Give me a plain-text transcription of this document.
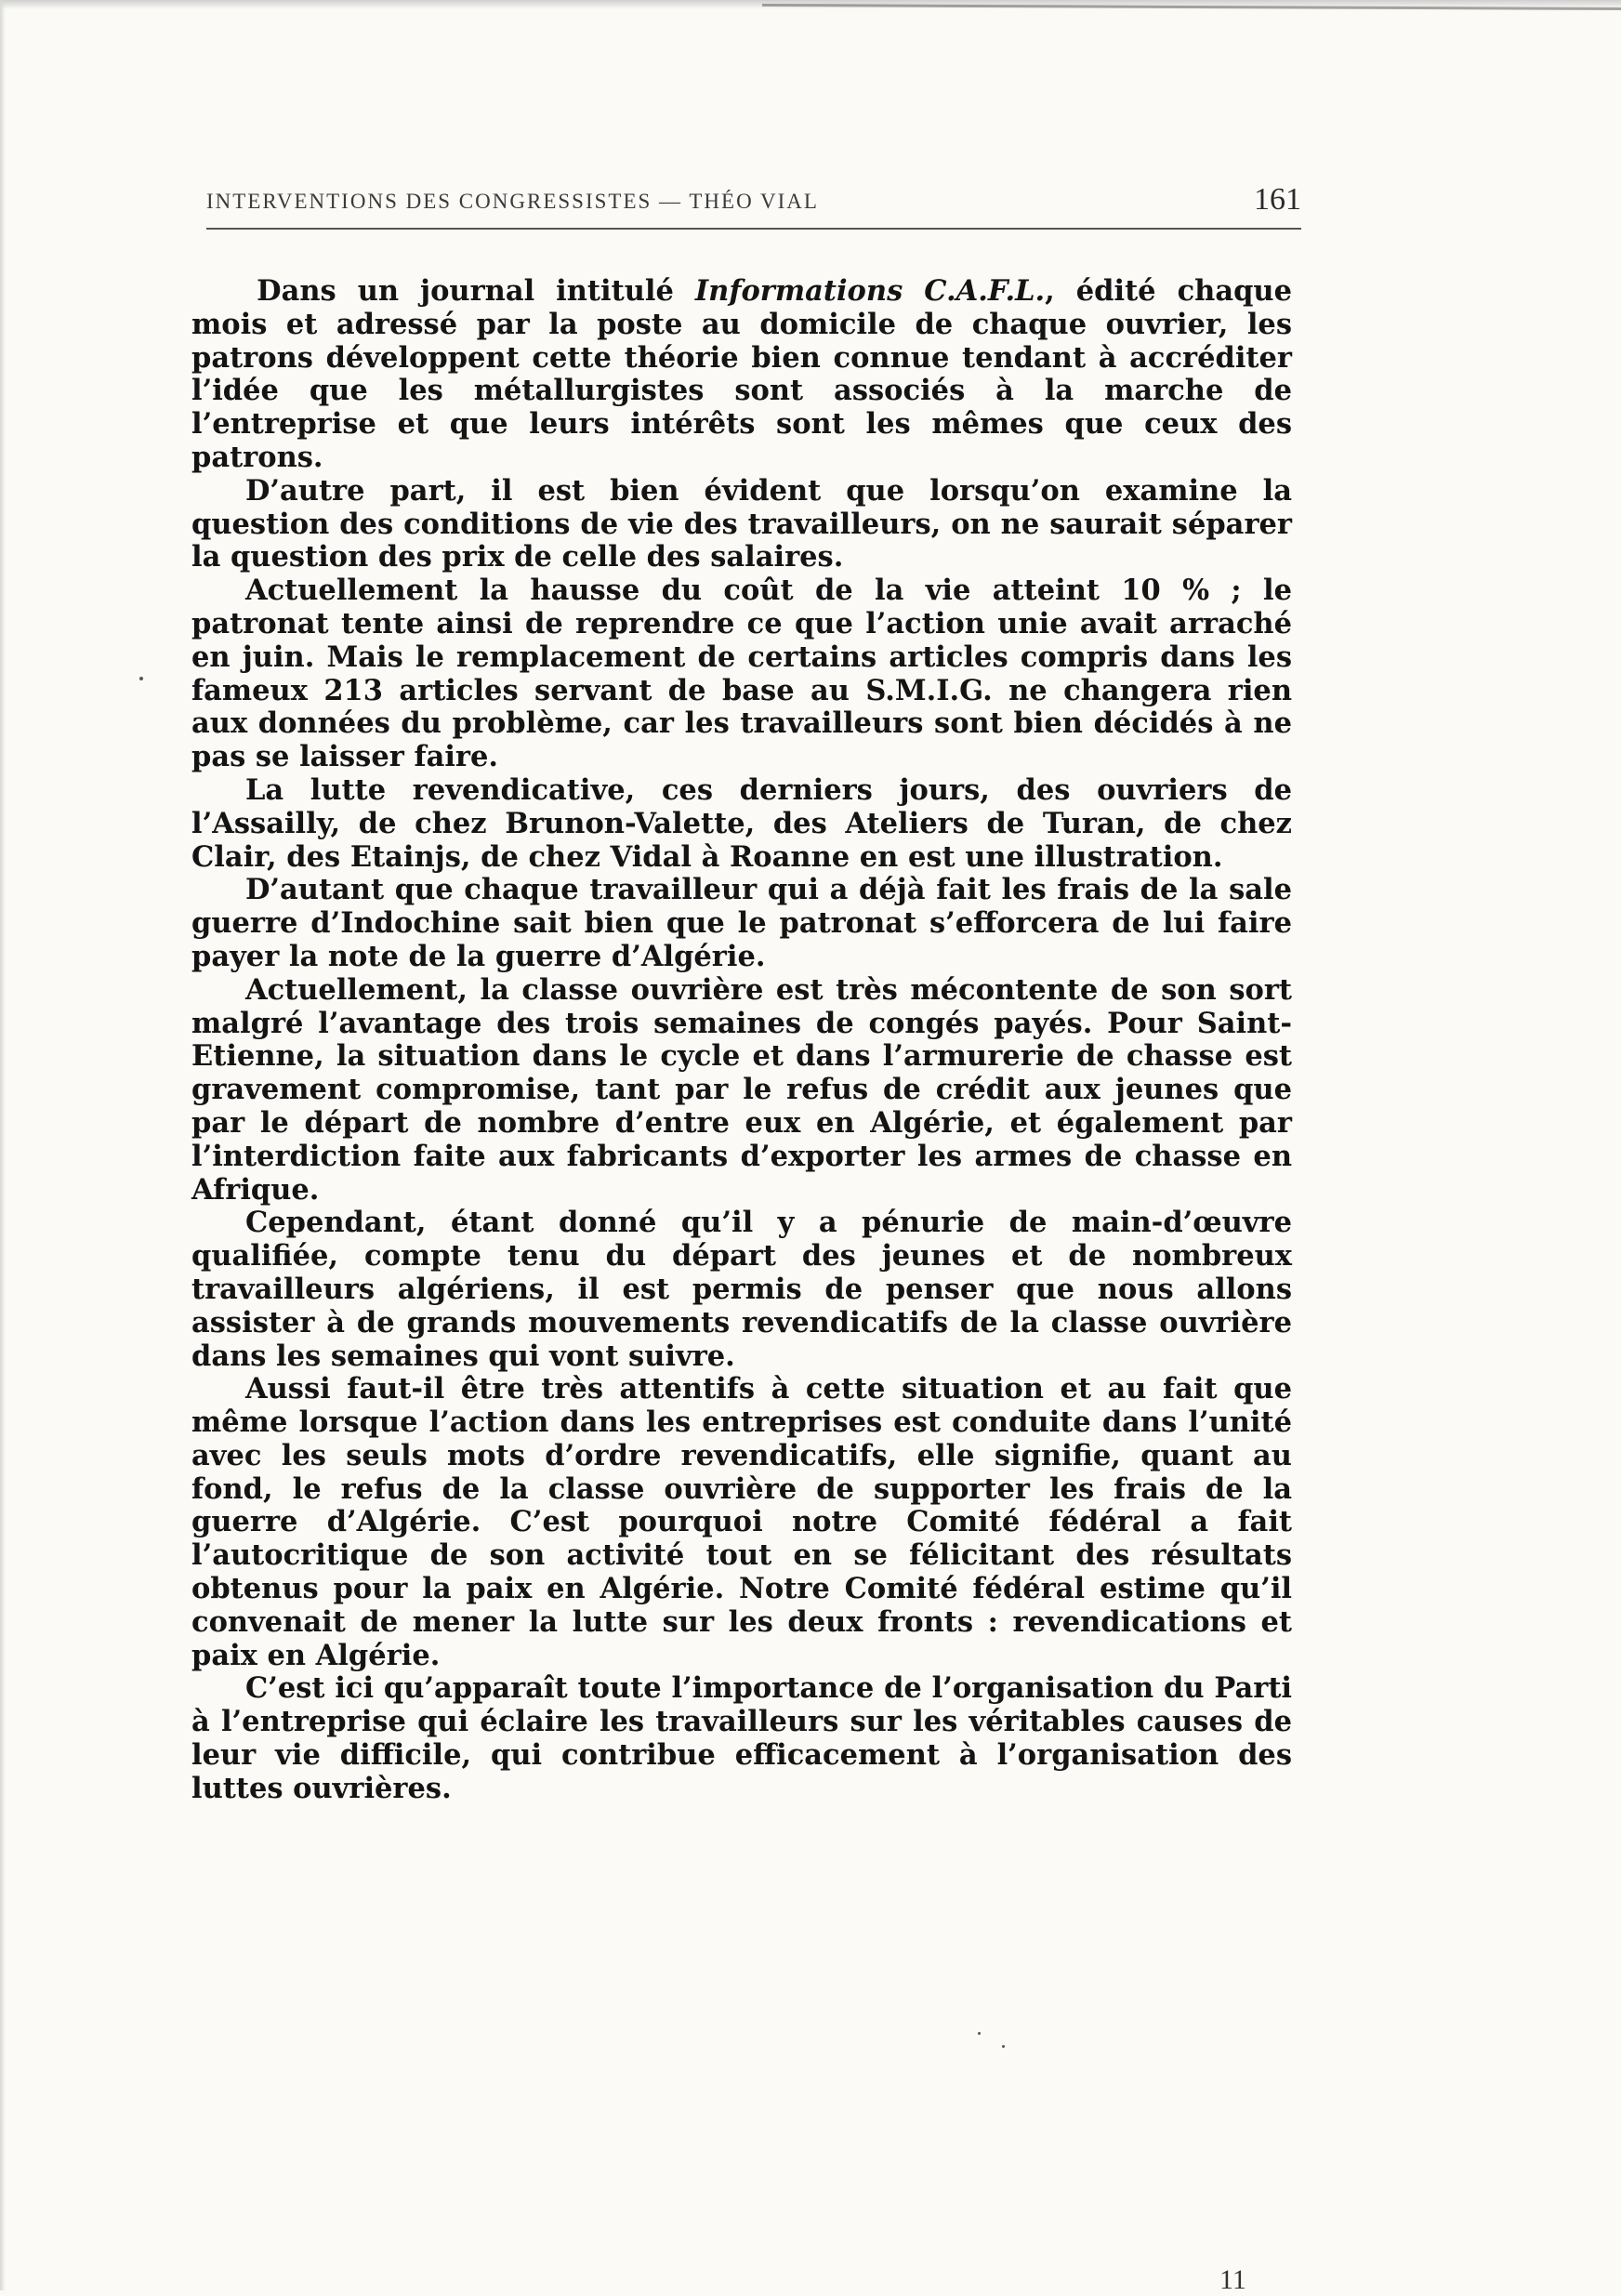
INTERVENTIONS DES CONGRESSISTES — THÉO VIAL	161

Dans un journal intitulé Informations C.A.F.L., édité chaque mois et adressé par la poste au domicile de chaque ouvrier, les patrons développent cette théorie bien connue tendant à accréditer l’idée que les métallurgistes sont associés à la marche de l’entreprise et que leurs intérêts sont les mêmes que ceux des patrons.

D’autre part, il est bien évident que lorsqu’on examine la question des conditions de vie des travailleurs, on ne saurait séparer la question des prix de celle des salaires.

Actuellement la hausse du coût de la vie atteint 10 % ; le patronat tente ainsi de reprendre ce que l’action unie avait arraché en juin. Mais le remplacement de certains articles compris dans les fameux 213 articles servant de base au S.M.I.G. ne changera rien aux données du problème, car les travailleurs sont bien décidés à ne pas se laisser faire.

La lutte revendicative, ces derniers jours, des ouvriers de l’Assailly, de chez Brunon-Valette, des Ateliers de Turan, de chez Clair, des Etainjs, de chez Vidal à Roanne en est une illustration.

D’autant que chaque travailleur qui a déjà fait les frais de la sale guerre d’Indochine sait bien que le patronat s’efforcera de lui faire payer la note de la guerre d’Algérie.

Actuellement, la classe ouvrière est très mécontente de son sort malgré l’avantage des trois semaines de congés payés. Pour Saint-Etienne, la situation dans le cycle et dans l’armurerie de chasse est gravement compromise, tant par le refus de crédit aux jeunes que par le départ de nombre d’entre eux en Algérie, et également par l’interdiction faite aux fabricants d’exporter les armes de chasse en Afrique.

Cependant, étant donné qu’il y a pénurie de main-d’œuvre qualifiée, compte tenu du départ des jeunes et de nombreux travailleurs algériens, il est permis de penser que nous allons assister à de grands mouvements revendicatifs de la classe ouvrière dans les semaines qui vont suivre.

Aussi faut-il être très attentifs à cette situation et au fait que même lorsque l’action dans les entreprises est conduite dans l’unité avec les seuls mots d’ordre revendicatifs, elle signifie, quant au fond, le refus de la classe ouvrière de supporter les frais de la guerre d’Algérie. C’est pourquoi notre Comité fédéral a fait l’autocritique de son activité tout en se félicitant des résultats obtenus pour la paix en Algérie. Notre Comité fédéral estime qu’il convenait de mener la lutte sur les deux fronts : revendications et paix en Algérie.

C’est ici qu’apparaît toute l’importance de l’organisation du Parti à l’entreprise qui éclaire les travailleurs sur les véritables causes de leur vie difficile, qui contribue efficacement à l’organisation des luttes ouvrières.

11
